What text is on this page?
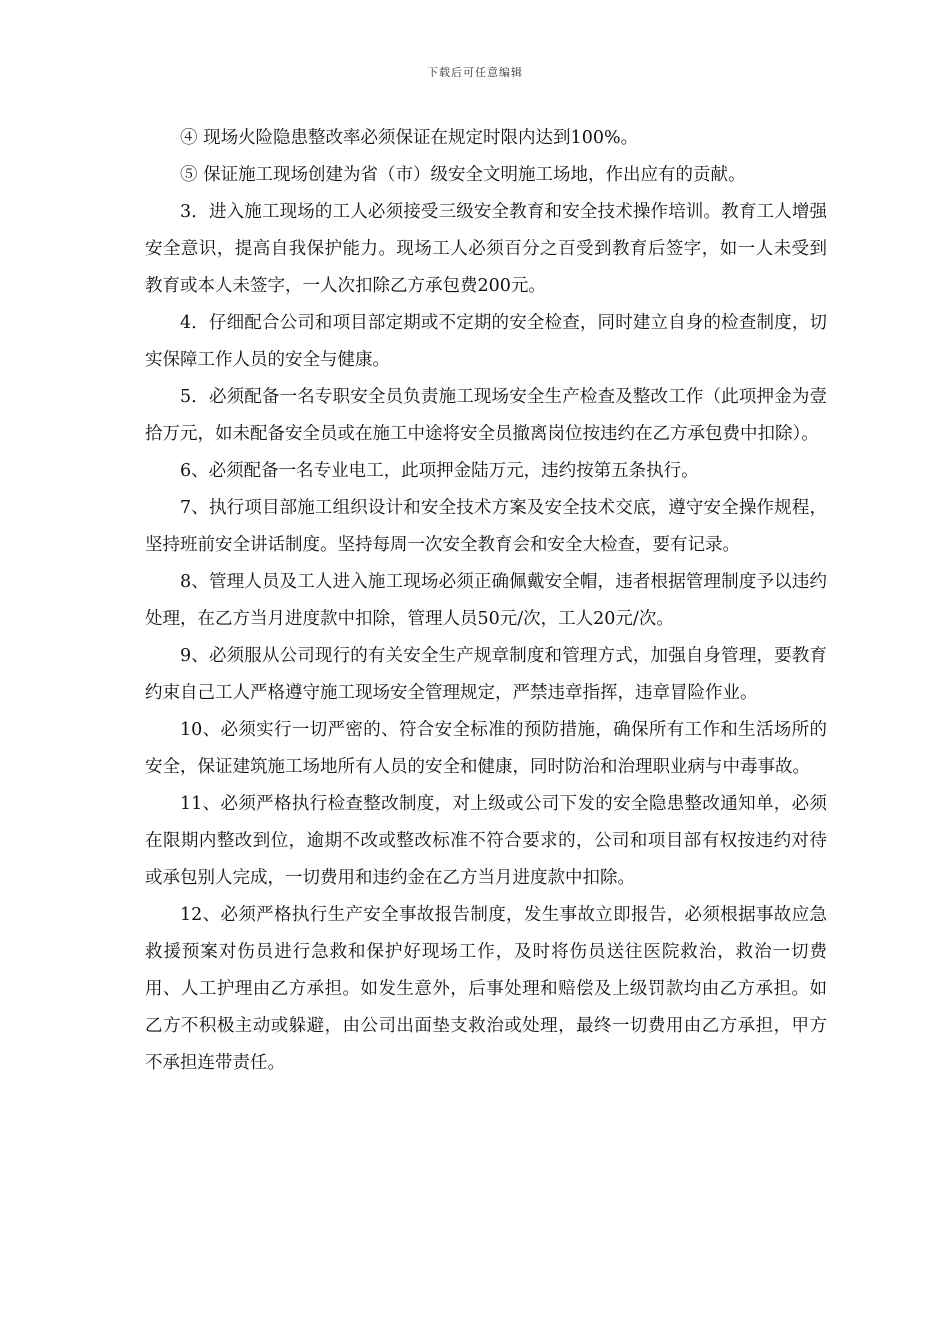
下载后可任意编辑

④ 现场火险隐患整改率必须保证在规定时限内达到100%。

⑤ 保证施工现场创建为省（市）级安全文明施工场地，作出应有的贡献。

3．进入施工现场的工人必须接受三级安全教育和安全技术操作培训。教育工人增强安全意识，提高自我保护能力。现场工人必须百分之百受到教育后签字，如一人未受到教育或本人未签字，一人次扣除乙方承包费200元。

4．仔细配合公司和项目部定期或不定期的安全检查，同时建立自身的检查制度，切实保障工作人员的安全与健康。

5．必须配备一名专职安全员负责施工现场安全生产检查及整改工作（此项押金为壹拾万元，如未配备安全员或在施工中途将安全员撤离岗位按违约在乙方承包费中扣除）。

6、必须配备一名专业电工，此项押金陆万元，违约按第五条执行。

7、执行项目部施工组织设计和安全技术方案及安全技术交底，遵守安全操作规程，坚持班前安全讲话制度。坚持每周一次安全教育会和安全大检查，要有记录。

8、管理人员及工人进入施工现场必须正确佩戴安全帽，违者根据管理制度予以违约处理，在乙方当月进度款中扣除，管理人员50元/次，工人20元/次。

9、必须服从公司现行的有关安全生产规章制度和管理方式，加强自身管理，要教育约束自己工人严格遵守施工现场安全管理规定，严禁违章指挥，违章冒险作业。

10、必须实行一切严密的、符合安全标准的预防措施，确保所有工作和生活场所的安全，保证建筑施工场地所有人员的安全和健康，同时防治和治理职业病与中毒事故。

11、必须严格执行检查整改制度，对上级或公司下发的安全隐患整改通知单，必须在限期内整改到位，逾期不改或整改标准不符合要求的，公司和项目部有权按违约对待或承包别人完成，一切费用和违约金在乙方当月进度款中扣除。

12、必须严格执行生产安全事故报告制度，发生事故立即报告，必须根据事故应急救援预案对伤员进行急救和保护好现场工作，及时将伤员送往医院救治，救治一切费用、人工护理由乙方承担。如发生意外，后事处理和赔偿及上级罚款均由乙方承担。如乙方不积极主动或躲避，由公司出面垫支救治或处理，最终一切费用由乙方承担，甲方不承担连带责任。
